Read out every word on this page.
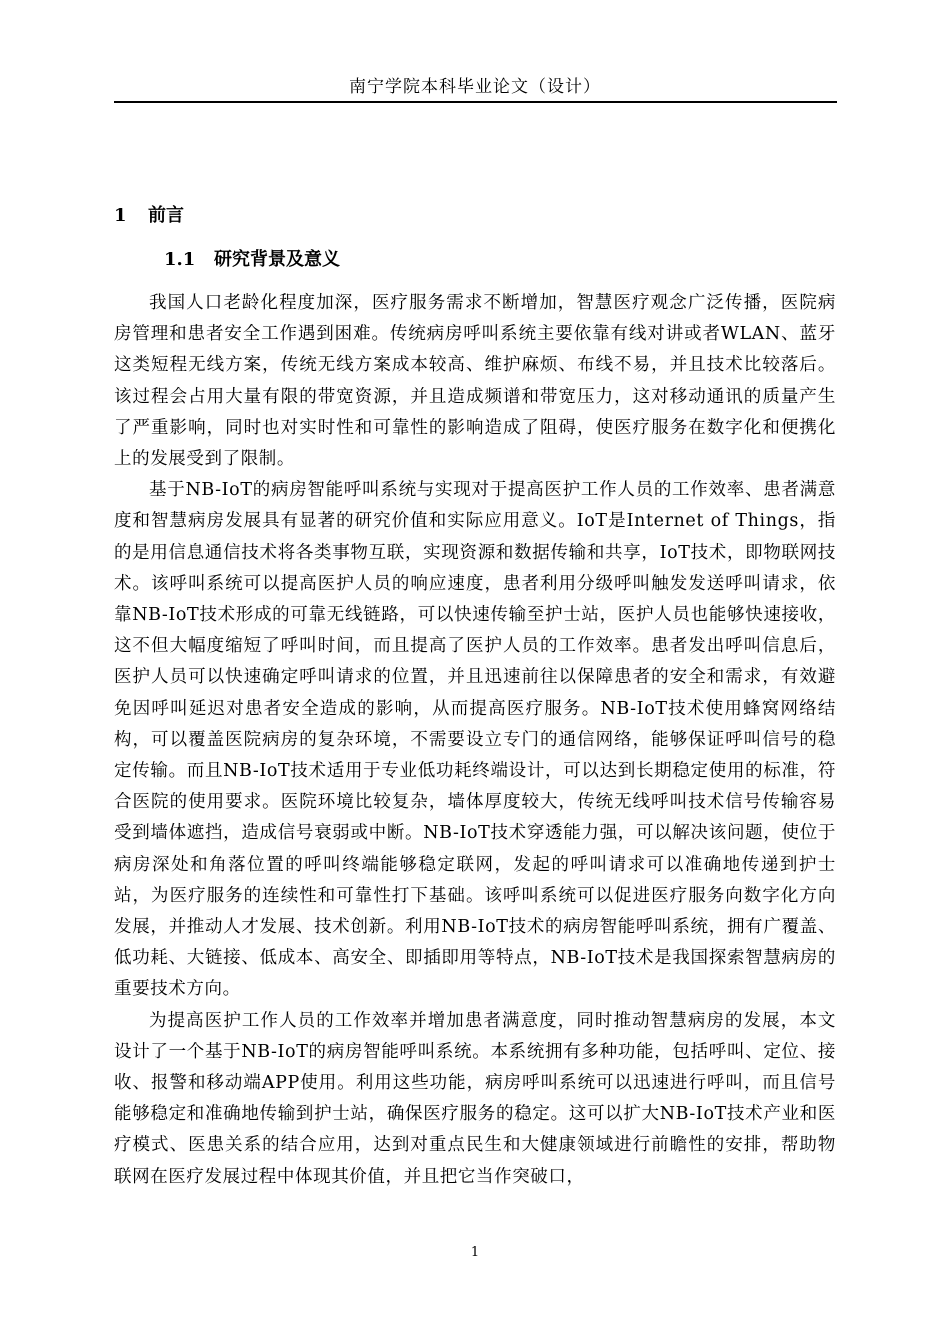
南宁学院本科毕业论文（设计）
1 前言
1.1 研究背景及意义

我国人口老龄化程度加深，医疗服务需求不断增加，智慧医疗观念广泛传播，医院病房管理和患者安全工作遇到困难。传统病房呼叫系统主要依靠有线对讲或者WLAN、蓝牙这类短程无线方案，传统无线方案成本较高、维护麻烦、布线不易，并且技术比较落后。该过程会占用大量有限的带宽资源，并且造成频谱和带宽压力，这对移动通讯的质量产生了严重影响，同时也对实时性和可靠性的影响造成了阻碍，使医疗服务在数字化和便携化上的发展受到了限制。

基于NB-IoT的病房智能呼叫系统与实现对于提高医护工作人员的工作效率、患者满意度和智慧病房发展具有显著的研究价值和实际应用意义。IoT是Internet of Things，指的是用信息通信技术将各类事物互联，实现资源和数据传输和共享，IoT技术，即物联网技术。该呼叫系统可以提高医护人员的响应速度，患者利用分级呼叫触发发送呼叫请求，依靠NB-IoT技术形成的可靠无线链路，可以快速传输至护士站，医护人员也能够快速接收，这不但大幅度缩短了呼叫时间，而且提高了医护人员的工作效率。患者发出呼叫信息后，医护人员可以快速确定呼叫请求的位置，并且迅速前往以保障患者的安全和需求，有效避免因呼叫延迟对患者安全造成的影响，从而提高医疗服务。NB-IoT技术使用蜂窝网络结构，可以覆盖医院病房的复杂环境，不需要设立专门的通信网络，能够保证呼叫信号的稳定传输。而且NB-IoT技术适用于专业低功耗终端设计，可以达到长期稳定使用的标准，符合医院的使用要求。医院环境比较复杂，墙体厚度较大，传统无线呼叫技术信号传输容易受到墙体遮挡，造成信号衰弱或中断。NB-IoT技术穿透能力强，可以解决该问题，使位于病房深处和角落位置的呼叫终端能够稳定联网，发起的呼叫请求可以准确地传递到护士站，为医疗服务的连续性和可靠性打下基础。该呼叫系统可以促进医疗服务向数字化方向发展，并推动人才发展、技术创新。利用NB-IoT技术的病房智能呼叫系统，拥有广覆盖、低功耗、大链接、低成本、高安全、即插即用等特点，NB-IoT技术是我国探索智慧病房的重要技术方向。

为提高医护工作人员的工作效率并增加患者满意度，同时推动智慧病房的发展，本文设计了一个基于NB-IoT的病房智能呼叫系统。本系统拥有多种功能，包括呼叫、定位、接收、报警和移动端APP使用。利用这些功能，病房呼叫系统可以迅速进行呼叫，而且信号能够稳定和准确地传输到护士站，确保医疗服务的稳定。这可以扩大NB-IoT技术产业和医疗模式、医患关系的结合应用，达到对重点民生和大健康领域进行前瞻性的安排，帮助物联网在医疗发展过程中体现其价值，并且把它当作突破口，

1
